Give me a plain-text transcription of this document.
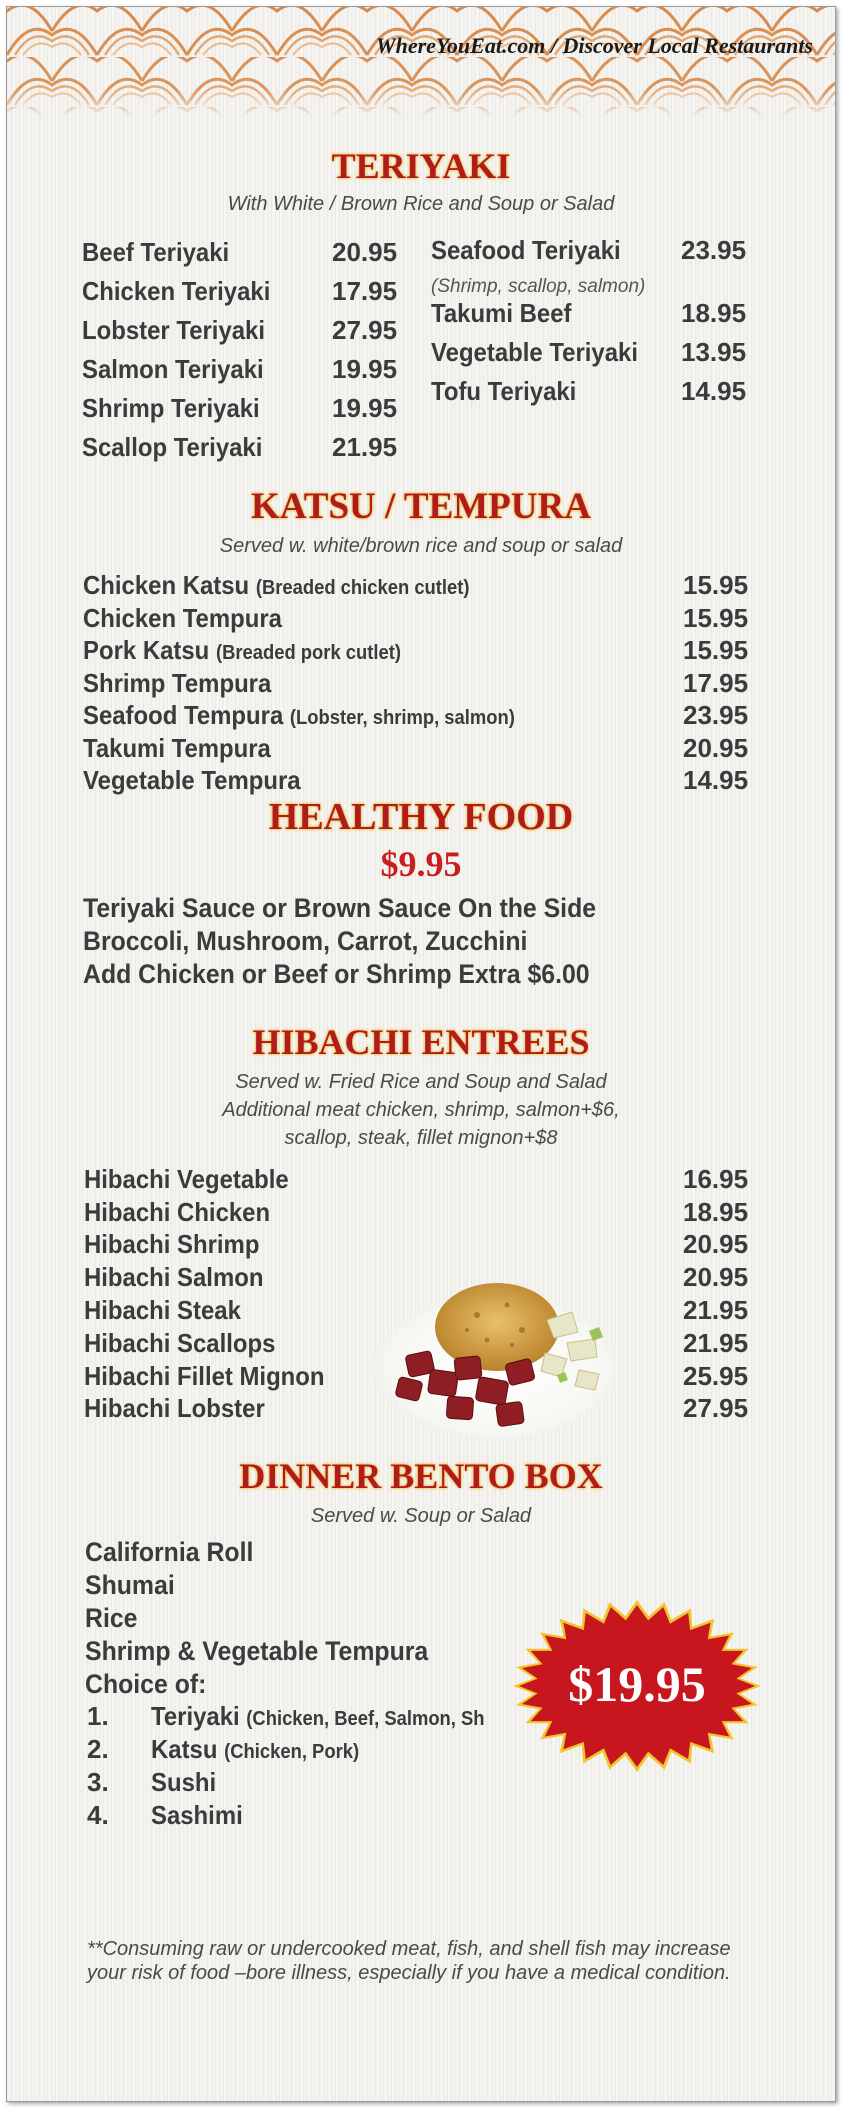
WhereYouEat.com / Discover Local Restaurants
TERIYAKI
With White / Brown Rice and Soup or Salad
Beef Teriyaki	20.95
Chicken Teriyaki 17.95
Lobster Teriyaki	27.95
Salmon Teriyaki	19.95
Shrimp Teriyaki	19.95
Scallop Teriyaki	21.95
Seafood Teriyaki 23.95
(Shrimp, scallop, salmon)
Takumi Beef	18.95
Vegetable Teriyaki 13.95
Tofu Teriyaki	14.95
KATSU / TEMPURA
Served w. white/brown rice and soup or salad
Chicken Katsu (Breaded chicken cutlet)	15.95
Chicken Tempura	15.95
Pork Katsu (Breaded pork cutlet)	15.95
Shrimp Tempura	17.95
Seafood Tempura (Lobster, shrimp, salmon)	23.95
Takumi Tempura	20.95
Vegetable Tempura	14.95
HEALTHY FOOD
$9.95
Teriyaki Sauce or Brown Sauce On the Side
Broccoli, Mushroom, Carrot, Zucchini
Add Chicken or Beef or Shrimp Extra $6.00
HIBACHI ENTREES
Served w. Fried Rice and Soup and Salad
Additional meat chicken, shrimp, salmon+$6,
scallop, steak, fillet mignon+$8
Hibachi Vegetable	16.95
Hibachi Chicken	18.95
Hibachi Shrimp	20.95
Hibachi Salmon	20.95
Hibachi Steak	21.95
Hibachi Scallops	21.95
Hibachi Fillet Mignon	25.95
Hibachi Lobster	27.95
DINNER BENTO BOX
Served w. Soup or Salad
California Roll
Shumai
Rice
Shrimp & Vegetable Tempura
Choice of:
1. Teriyaki (Chicken, Beef, Salmon, Sh
2. Katsu (Chicken, Pork)
3. Sushi
4. Sashimi
$19.95
**Consuming raw or undercooked meat, fish, and shell fish may increase your risk of food –bore illness, especially if you have a medical condition.
